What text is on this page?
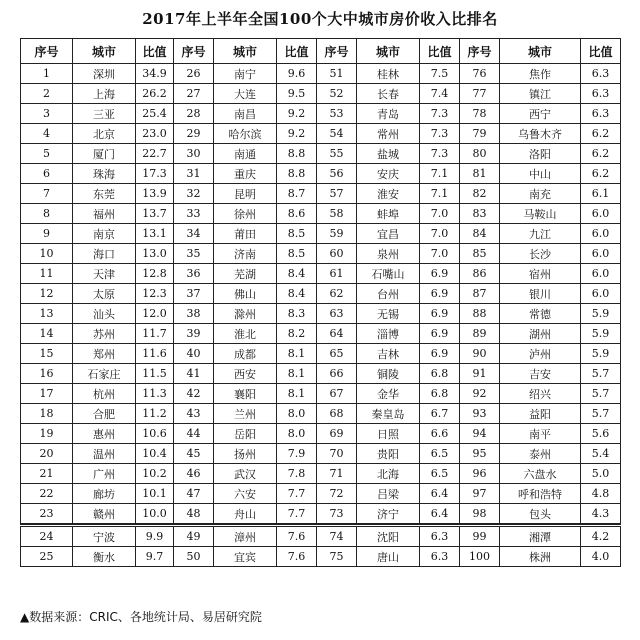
2017年上半年全国100个大中城市房价收入比排名
序号	城市	比值	序号	城市	比值	序号	城市	比值	序号	城市	比值
1	深圳	34.9	26	南宁	9.6	51	桂林	7.5	76	焦作	6.3
2	上海	26.2	27	大连	9.5	52	长春	7.4	77	镇江	6.3
3	三亚	25.4	28	南昌	9.2	53	青岛	7.3	78	西宁	6.3
4	北京	23.0	29	哈尔滨	9.2	54	常州	7.3	79	乌鲁木齐	6.2
5	厦门	22.7	30	南通	8.8	55	盐城	7.3	80	洛阳	6.2
6	珠海	17.3	31	重庆	8.8	56	安庆	7.1	81	中山	6.2
7	东莞	13.9	32	昆明	8.7	57	淮安	7.1	82	南充	6.1
8	福州	13.7	33	徐州	8.6	58	蚌埠	7.0	83	马鞍山	6.0
9	南京	13.1	34	莆田	8.5	59	宜昌	7.0	84	九江	6.0
10	海口	13.0	35	济南	8.5	60	泉州	7.0	85	长沙	6.0
11	天津	12.8	36	芜湖	8.4	61	石嘴山	6.9	86	宿州	6.0
12	太原	12.3	37	佛山	8.4	62	台州	6.9	87	银川	6.0
13	汕头	12.0	38	滁州	8.3	63	无锡	6.9	88	常德	5.9
14	苏州	11.7	39	淮北	8.2	64	淄博	6.9	89	湖州	5.9
15	郑州	11.6	40	成都	8.1	65	吉林	6.9	90	泸州	5.9
16	石家庄	11.5	41	西安	8.1	66	铜陵	6.8	91	吉安	5.7
17	杭州	11.3	42	襄阳	8.1	67	金华	6.8	92	绍兴	5.7
18	合肥	11.2	43	兰州	8.0	68	秦皇岛	6.7	93	益阳	5.7
19	惠州	10.6	44	岳阳	8.0	69	日照	6.6	94	南平	5.6
20	温州	10.4	45	扬州	7.9	70	贵阳	6.5	95	泰州	5.4
21	广州	10.2	46	武汉	7.8	71	北海	6.5	96	六盘水	5.0
22	廊坊	10.1	47	六安	7.7	72	吕梁	6.4	97	呼和浩特	4.8
23	赣州	10.0	48	舟山	7.7	73	济宁	6.4	98	包头	4.3

24	宁波	9.9	49	漳州	7.6	74	沈阳	6.3	99	湘潭	4.2
25	衡水	9.7	50	宜宾	7.6	75	唐山	6.3	100	株洲	4.0
▲数据来源：CRIC、各地统计局、易居研究院
